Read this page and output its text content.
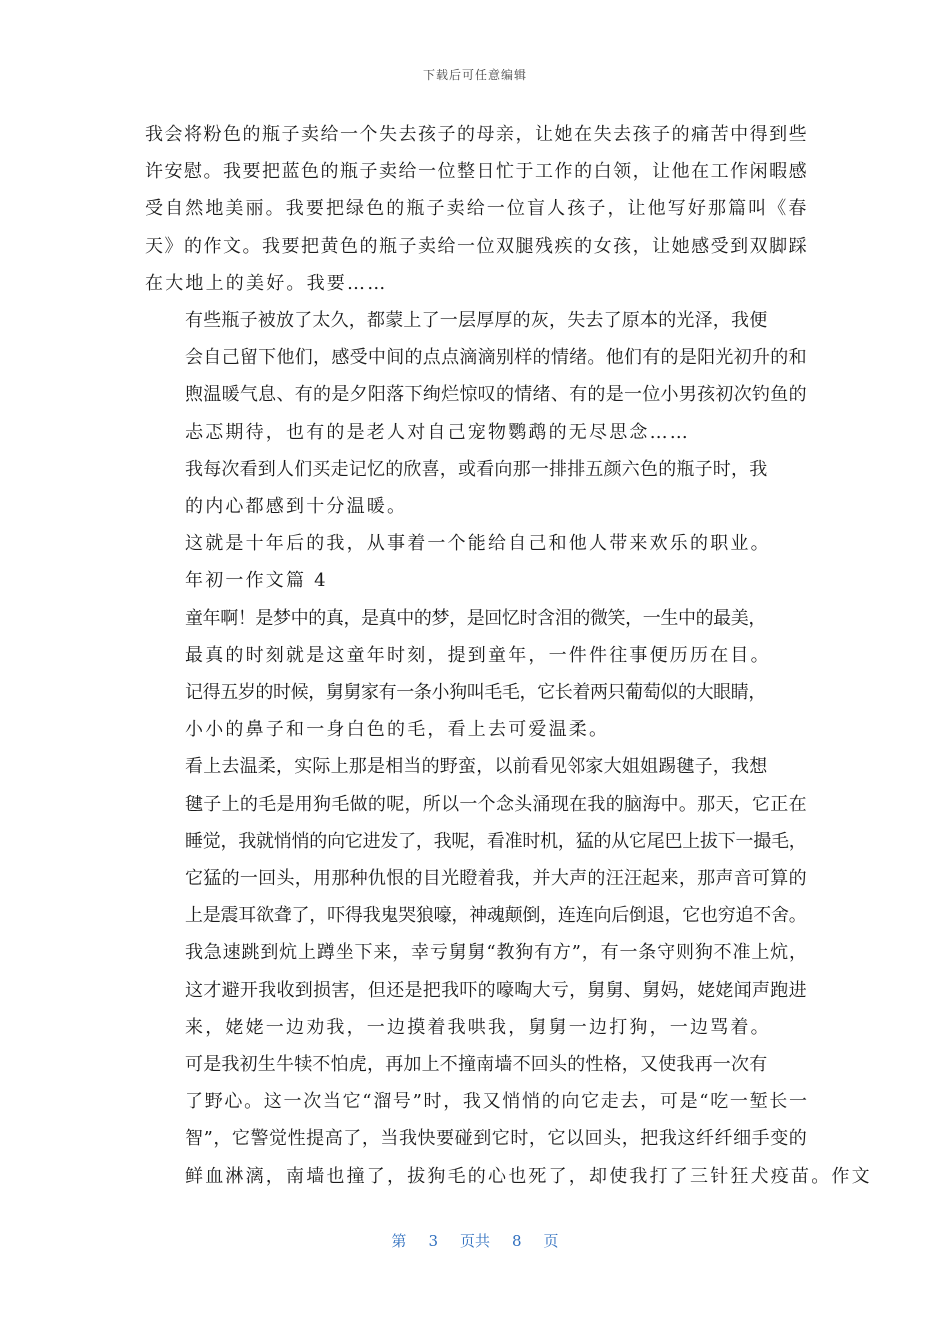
下载后可任意编辑

我会将粉色的瓶子卖给一个失去孩子的母亲，让她在失去孩子的痛苦中得到些
许安慰。我要把蓝色的瓶子卖给一位整日忙于工作的白领，让他在工作闲暇感
受自然地美丽。我要把绿色的瓶子卖给一位盲人孩子，让他写好那篇叫《春
天》的作文。我要把黄色的瓶子卖给一位双腿残疾的女孩，让她感受到双脚踩
在大地上的美好。我要……

有些瓶子被放了太久，都蒙上了一层厚厚的灰，失去了原本的光泽，我便
会自己留下他们，感受中间的点点滴滴别样的情绪。他们有的是阳光初升的和
煦温暖气息、有的是夕阳落下绚烂惊叹的情绪、有的是一位小男孩初次钓鱼的
忐忑期待，也有的是老人对自己宠物鹦鹉的无尽思念……

我每次看到人们买走记忆的欣喜，或看向那一排排五颜六色的瓶子时，我
的内心都感到十分温暖。

这就是十年后的我，从事着一个能给自己和他人带来欢乐的职业。

年初一作文篇 4

童年啊！是梦中的真，是真中的梦，是回忆时含泪的微笑，一生中的最美，
最真的时刻就是这童年时刻，提到童年，一件件往事便历历在目。

记得五岁的时候，舅舅家有一条小狗叫毛毛，它长着两只葡萄似的大眼睛，
小小的鼻子和一身白色的毛，看上去可爱温柔。

看上去温柔，实际上那是相当的野蛮，以前看见邻家大姐姐踢毽子，我想
毽子上的毛是用狗毛做的呢，所以一个念头涌现在我的脑海中。那天，它正在
睡觉，我就悄悄的向它进发了，我呢，看准时机，猛的从它尾巴上拔下一撮毛，
它猛的一回头，用那种仇恨的目光瞪着我，并大声的汪汪起来，那声音可算的
上是震耳欲聋了，吓得我鬼哭狼嚎，神魂颠倒，连连向后倒退，它也穷追不舍。
我急速跳到炕上蹲坐下来，幸亏舅舅“教狗有方”，有一条守则狗不准上炕，
这才避开我收到损害，但还是把我吓的嚎啕大亏，舅舅、舅妈，姥姥闻声跑进
来，姥姥一边劝我，一边摸着我哄我，舅舅一边打狗，一边骂着。

可是我初生牛犊不怕虎，再加上不撞南墙不回头的性格，又使我再一次有
了野心。这一次当它“溜号”时，我又悄悄的向它走去，可是“吃一堑长一
智”，它警觉性提高了，当我快要碰到它时，它以回头，把我这纤纤细手变的
鲜血淋漓，南墙也撞了，拔狗毛的心也死了，却使我打了三针狂犬疫苗。作文

第 3 页共 8 页
